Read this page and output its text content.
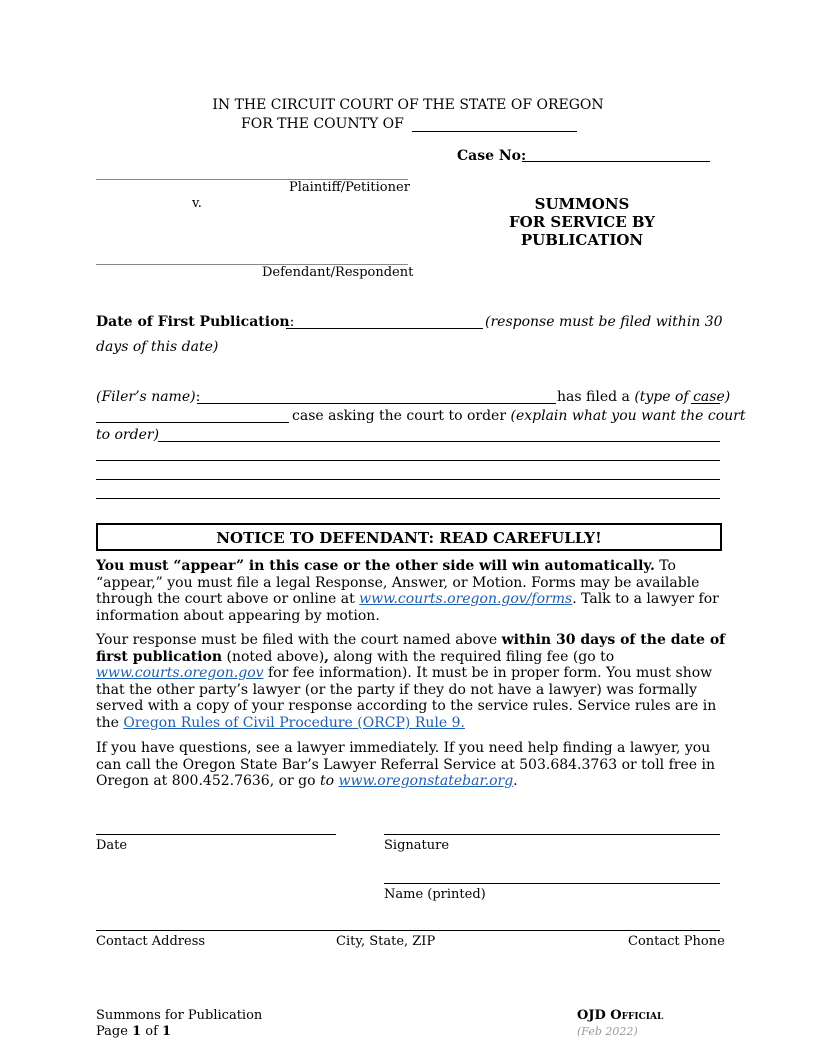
IN THE CIRCUIT COURT OF THE STATE OF OREGON
FOR THE COUNTY OF
Case No:
Plaintiff/Petitioner
v.
Defendant/Respondent
SUMMONS
FOR SERVICE BY
PUBLICATION
Date of First Publication:	(response must be filed within 30
days of this date)
(Filer’s name):	has filed a (type of case)
case asking the court to order (explain what you want the court
to order)
NOTICE TO DEFENDANT: READ CAREFULLY!
You must “appear” in this case or the other side will win automatically. To “appear,” you must file a legal Response, Answer, or Motion. Forms may be available through the court above or online at www.courts.oregon.gov/forms. Talk to a lawyer for information about appearing by motion.
Your response must be filed with the court named above within 30 days of the date of first publication (noted above), along with the required filing fee (go to www.courts.oregon.gov for fee information). It must be in proper form. You must show that the other party’s lawyer (or the party if they do not have a lawyer) was formally served with a copy of your response according to the service rules. Service rules are in the Oregon Rules of Civil Procedure (ORCP) Rule 9.
If you have questions, see a lawyer immediately. If you need help finding a lawyer, you can call the Oregon State Bar’s Lawyer Referral Service at 503.684.3763 or toll free in Oregon at 800.452.7636, or go to www.oregonstatebar.org.
Date	Signature
Name (printed)
Contact Address	City, State, ZIP	Contact Phone
Summons for Publication
Page 1 of 1
OJD Official
(Feb 2022)
